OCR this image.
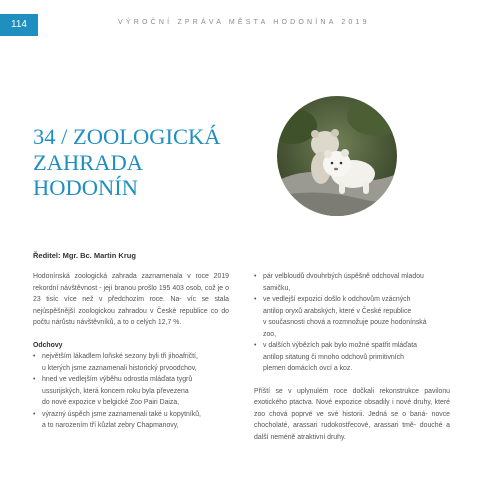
114	VÝROČNÍ ZPRÁVA MĚSTA HODONÍNA 2019
34 / ZOOLOGICKÁ
ZAHRADA
HODONÍN
Ředitel: Mgr. Bc. Martin Krug

Hodonínská zoologická zahrada zaznamenala v roce 2019 rekordní návštěvnost - její branou prošlo 195 403 osob, což je o 23 tisíc více než v předchozím roce. Na- víc se stala nejúspěšnější zoologickou zahradou v České republice co do počtu nárůstu návštěvníků, a to o celých 12,7 %.

Odchovy

• největším lákadlem loňské sezony byli tři jihoafričtí,
u kterých jsme zaznamenali historický prvoodchov,
• hned ve vedlejším výběhu odrostla mláďata tygrů
ussurijských, která koncem roku byla převezena
do nové expozice v belgické Zoo Pairi Daiza,
• výrazný úspěch jsme zaznamenali také u kopytníků,
a to narozením tří kůzlat zebry Chapmanovy,
• pár velbloudů dvouhrbých úspěšně odchoval mladou
samičku,
• ve vedlejší expozici došlo k odchovům vzácných
antilop oryxů arabských, které v České republice
v současnosti chová a rozmnožuje pouze hodonínská
zoo,
• v dalších výbězích pak bylo možné spatřit mláďata
antilop sitatung či mnoho odchovů primitivních
plemen domácích ovcí a koz.

Příští se v uplynulém roce dočkali rekonstrukce pavilonu exotického ptactva. Nové expozice obsadily i nové druhy, které zoo chová poprvé ve své historii. Jedná se o baná- novce chocholaté, arassari rudokostřecové, arassari tmě- douché a další neméně atraktivní druhy.
